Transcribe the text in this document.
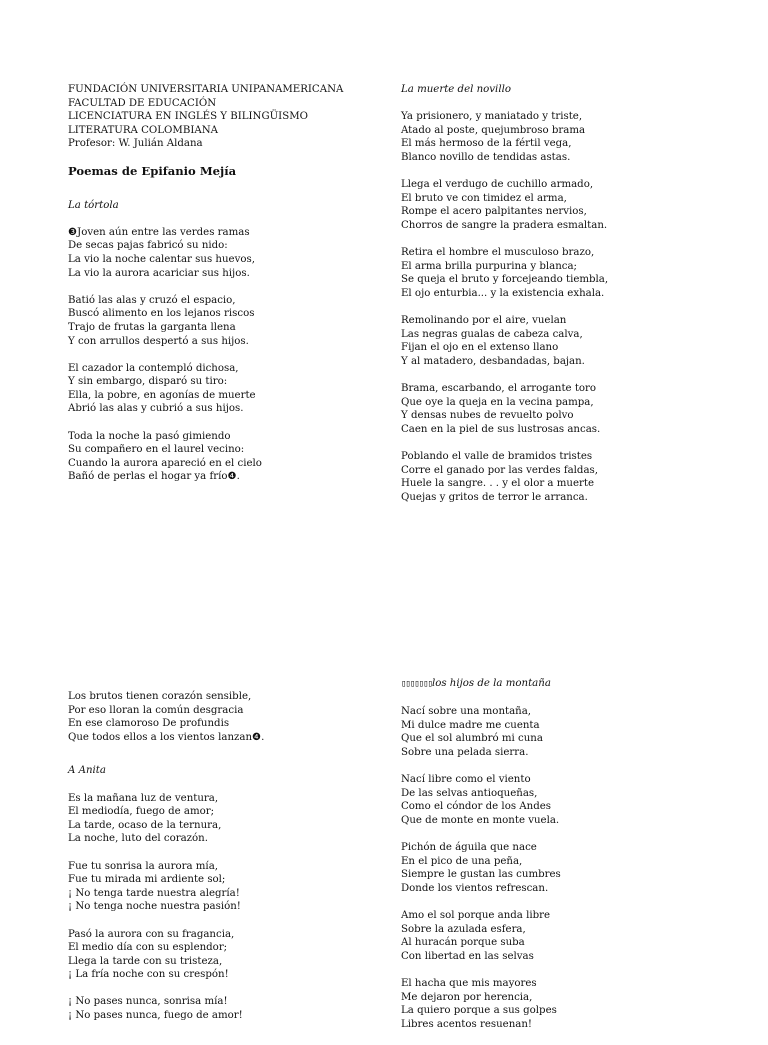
FUNDACIÓN UNIVERSITARIA UNIPANAMERICANA
FACULTAD DE EDUCACIÓN
LICENCIATURA EN INGLÉS Y BILINGÜISMO
LITERATURA COLOMBIANA
Profesor: W. Julián Aldana
Poemas de Epifanio Mejía
La tórtola
❸Joven aún entre las verdes ramas
De secas pajas fabricó su nido:
La vio la noche calentar sus huevos,
La vio la aurora acariciar sus hijos.
Batió las alas y cruzó el espacio,
Buscó alimento en los lejanos riscos
Trajo de frutas la garganta llena
Y con arrullos despertó a sus hijos.
El cazador la contempló dichosa,
Y sin embargo, disparó su tiro:
Ella, la pobre, en agonías de muerte
Abrió las alas y cubrió a sus hijos.
Toda la noche la pasó gimiendo
Su compañero en el laurel vecino:
Cuando la aurora apareció en el cielo
Bañó de perlas el hogar ya frío❹.
La muerte del novillo
Ya prisionero, y maniatado y triste,
Atado al poste, quejumbroso brama
El más hermoso de la fértil vega,
Blanco novillo de tendidas astas.
Llega el verdugo de cuchillo armado,
El bruto ve con timidez el arma,
Rompe el acero palpitantes nervios,
Chorros de sangre la pradera esmaltan.
Retira el hombre el musculoso brazo,
El arma brilla purpurina y blanca;
Se queja el bruto y forcejeando tiembla,
El ojo enturbia... y la existencia exhala.
Remolinando por el aire, vuelan
Las negras gualas de cabeza calva,
Fijan el ojo en el extenso llano
Y al matadero, desbandadas, bajan.
Brama, escarbando, el arrogante toro
Que oye la queja en la vecina pampa,
Y densas nubes de revuelto polvo
Caen en la piel de sus lustrosas ancas.
Poblando el valle de bramidos tristes
Corre el ganado por las verdes faldas,
Huele la sangre. . . y el olor a muerte
Quejas y gritos de terror le arranca.
Los brutos tienen corazón sensible,
Por eso lloran la común desgracia
En ese clamoroso De profundis
Que todos ellos a los vientos lanzan❹.
A Anita
Es la mañana luz de ventura,
El mediodía, fuego de amor;
La tarde, ocaso de la ternura,
La noche, luto del corazón.
Fue tu sonrisa la aurora mía,
Fue tu mirada mi ardiente sol;
¡ No tenga tarde nuestra alegría!
¡ No tenga noche nuestra pasión!
Pasó la aurora con su fragancia,
El medio día con su esplendor;
Llega la tarde con su tristeza,
¡ La fría noche con su crespón!
¡ No pases nunca, sonrisa mía!
¡ No pases nunca, fuego de amor!
▯▯▯▯▯▯▯los hijos de la montaña
Nací sobre una montaña,
Mi dulce madre me cuenta
Que el sol alumbró mi cuna
Sobre una pelada sierra.
Nací libre como el viento
De las selvas antioqueñas,
Como el cóndor de los Andes
Que de monte en monte vuela.
Pichón de águila que nace
En el pico de una peña,
Siempre le gustan las cumbres
Donde los vientos refrescan.
Amo el sol porque anda libre
Sobre la azulada esfera,
Al huracán porque suba
Con libertad en las selvas
El hacha que mis mayores
Me dejaron por herencia,
La quiero porque a sus golpes
Libres acentos resuenan!
